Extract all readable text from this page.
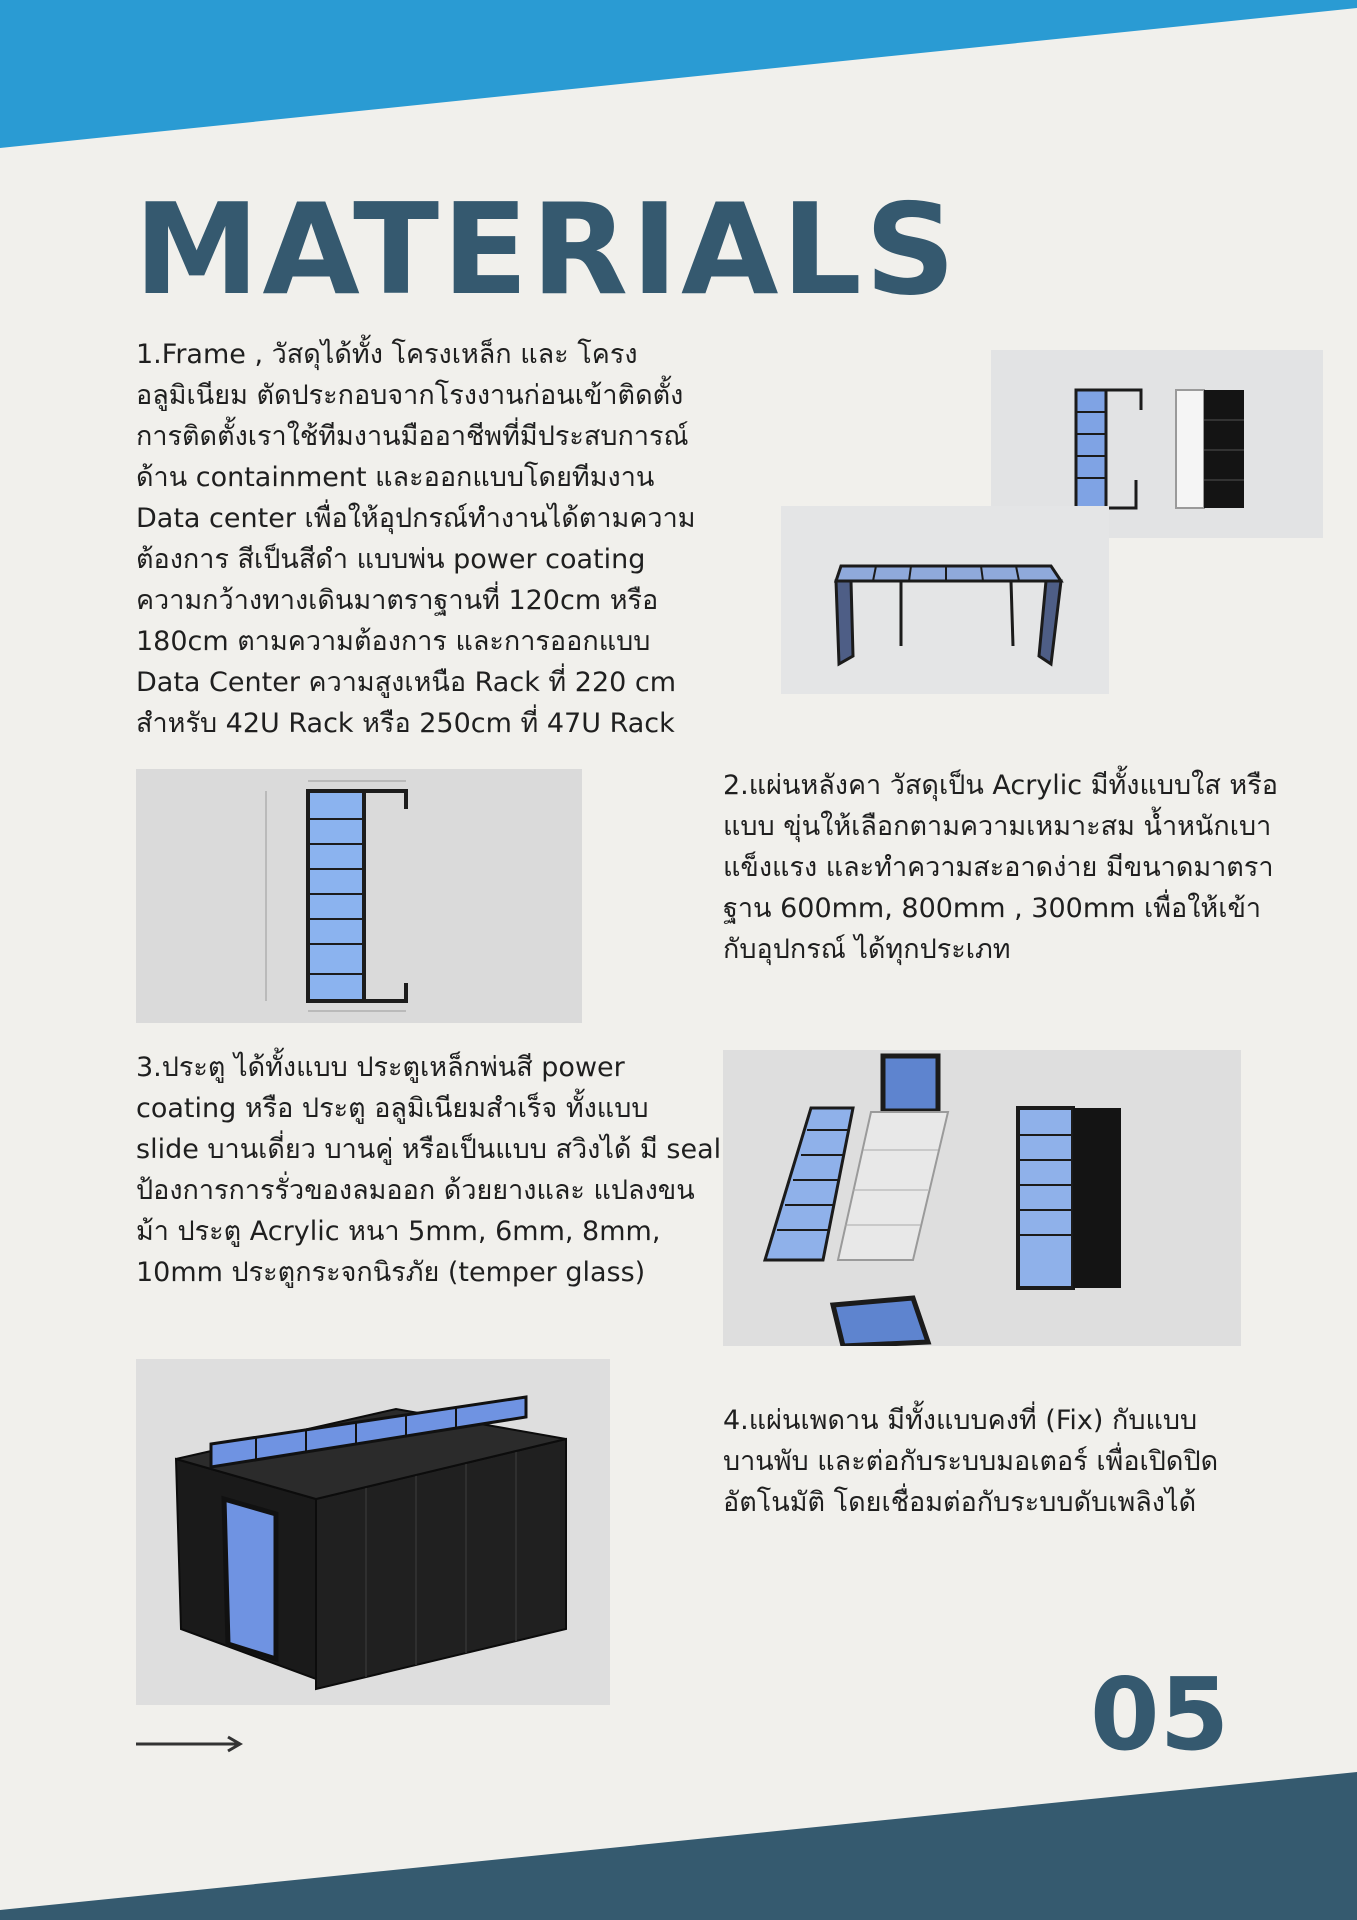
MATERIALS

1.Frame , วัสดุได้ทั้ง โครงเหล็ก และ โครง
อลูมิเนียม ตัดประกอบจากโรงงานก่อนเข้าติดตั้ง
การติดตั้งเราใช้ทีมงานมืออาชีพที่มีประสบการณ์
ด้าน containment และออกแบบโดยทีมงาน
Data center เพื่อให้อุปกรณ์ทำงานได้ตามความ
ต้องการ สีเป็นสีดำ แบบพ่น power coating
ความกว้างทางเดินมาตราฐานที่ 120cm หรือ
180cm ตามความต้องการ และการออกแบบ
Data Center ความสูงเหนือ Rack ที่ 220 cm
สำหรับ 42U Rack หรือ 250cm ที่ 47U Rack

2.แผ่นหลังคา วัสดุเป็น Acrylic มีทั้งแบบใส หรือ
แบบ ขุ่นให้เลือกตามความเหมาะสม น้ำหนักเบา
แข็งแรง และทำความสะอาดง่าย มีขนาดมาตรา
ฐาน 600mm, 800mm , 300mm เพื่อให้เข้า
กับอุปกรณ์ ได้ทุกประเภท

3.ประตู ได้ทั้งแบบ ประตูเหล็กพ่นสี power
coating หรือ ประตู อลูมิเนียมสำเร็จ ทั้งแบบ
slide บานเดี่ยว บานคู่ หรือเป็นแบบ สวิงได้ มี seal
ป้องการการรั่วของลมออก ด้วยยางและ แปลงขน
ม้า ประตู Acrylic หนา 5mm, 6mm, 8mm,
10mm ประตูกระจกนิรภัย (temper glass)

4.แผ่นเพดาน มีทั้งแบบคงที่ (Fix) กับแบบ
บานพับ และต่อกับระบบมอเตอร์ เพื่อเปิดปิด
อัตโนมัติ โดยเชื่อมต่อกับระบบดับเพลิงได้

05
